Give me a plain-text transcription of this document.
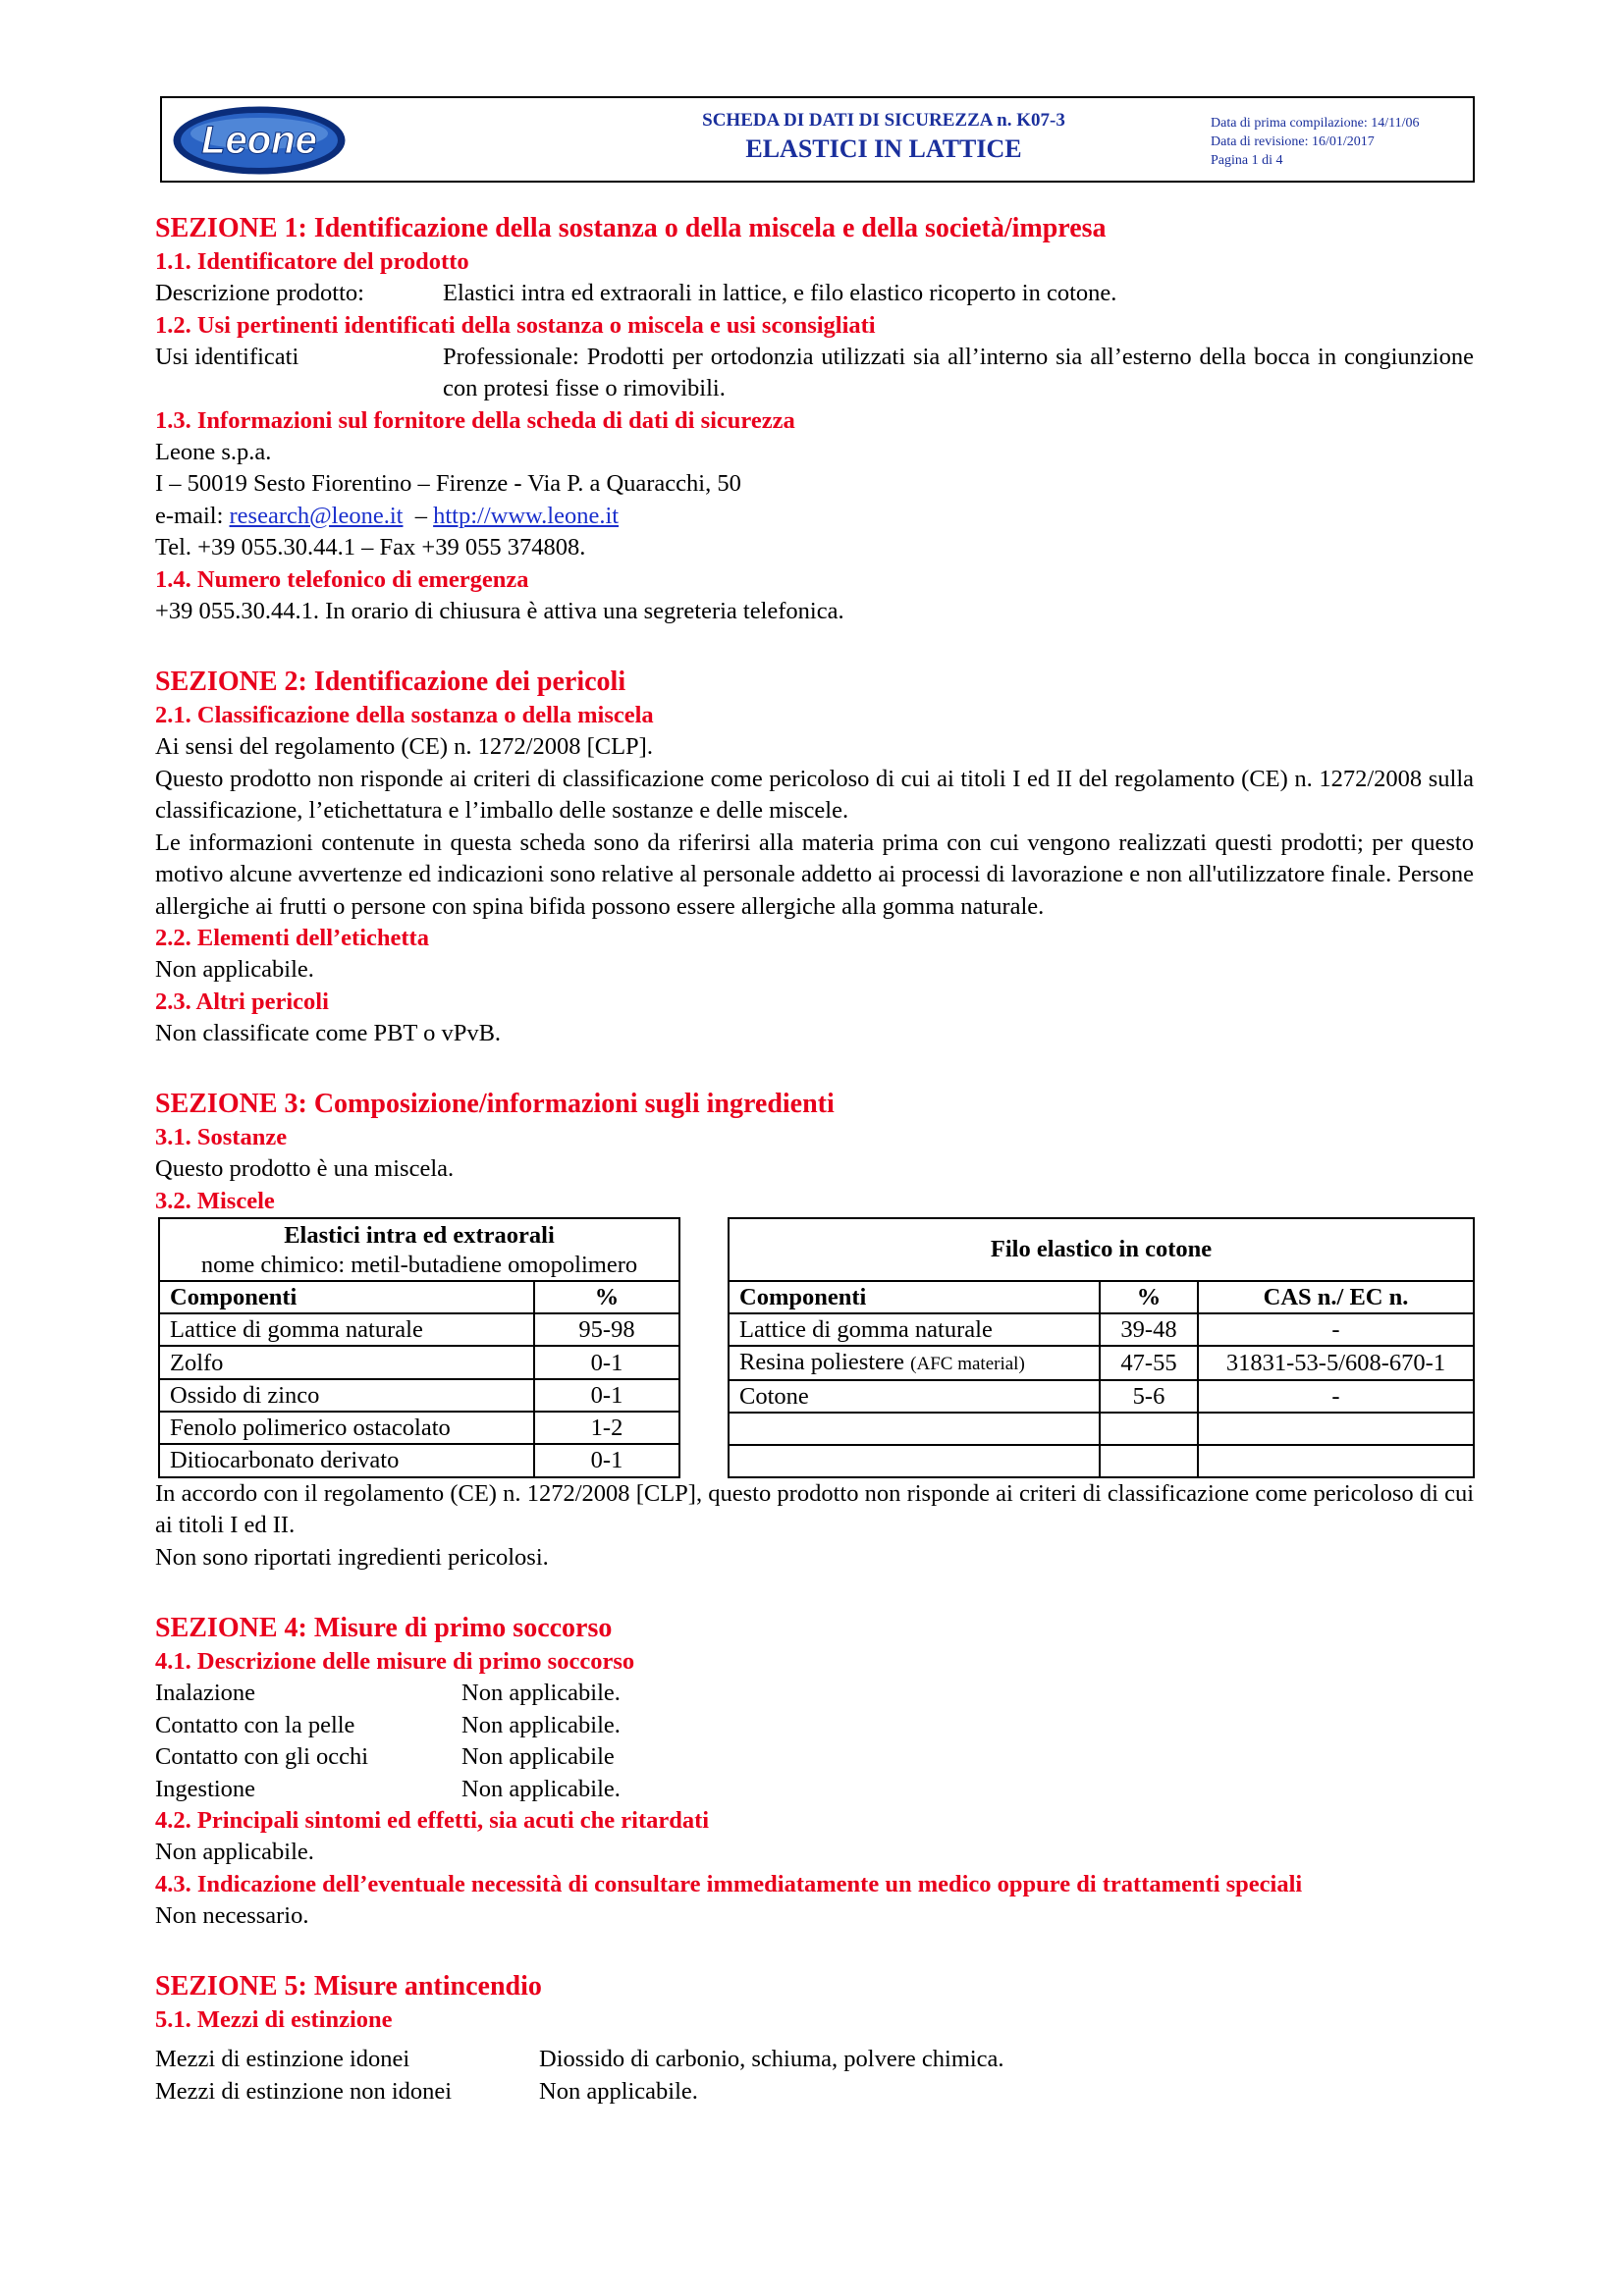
Leone	SCHEDA DI DATI DI SICUREZZA n. K07-3
ELASTICI IN LATTICE
Data di prima compilazione: 14/11/06
Data di revisione: 16/01/2017
Pagina 1 di 4
SEZIONE 1: Identificazione della sostanza o della miscela e della società/impresa

1.1. Identificatore del prodotto

Descrizione prodotto:	Elastici intra ed extraorali in lattice, e filo elastico ricoperto in cotone.

1.2. Usi pertinenti identificati della sostanza o miscela e usi sconsigliati

Usi identificati	Professionale: Prodotti per ortodonzia utilizzati sia all’interno sia all’esterno della bocca in congiunzione con protesi fisse o rimovibili.

1.3. Informazioni sul fornitore della scheda di dati di sicurezza

Leone s.p.a.

I – 50019 Sesto Fiorentino – Firenze - Via P. a Quaracchi, 50

e-mail: research@leone.it – http://www.leone.it

Tel. +39 055.30.44.1 – Fax +39 055 374808.

1.4. Numero telefonico di emergenza

+39 055.30.44.1. In orario di chiusura è attiva una segreteria telefonica.

SEZIONE 2: Identificazione dei pericoli

2.1. Classificazione della sostanza o della miscela

Ai sensi del regolamento (CE) n. 1272/2008 [CLP].

Questo prodotto non risponde ai criteri di classificazione come pericoloso di cui ai titoli I ed II del regolamento (CE) n. 1272/2008 sulla classificazione, l’etichettatura e l’imballo delle sostanze e delle miscele.

Le informazioni contenute in questa scheda sono da riferirsi alla materia prima con cui vengono realizzati questi prodotti; per questo motivo alcune avvertenze ed indicazioni sono relative al personale addetto ai processi di lavorazione e non all'utilizzatore finale. Persone allergiche ai frutti o persone con spina bifida possono essere allergiche alla gomma naturale.

2.2. Elementi dell’etichetta

Non applicabile.

2.3. Altri pericoli

Non classificate come PBT o vPvB.

SEZIONE 3: Composizione/informazioni sugli ingredienti

3.1. Sostanze

Questo prodotto è una miscela.

3.2. Miscele

Elastici intra ed extraorali
nome chimico: metil-butadiene omopolimero	
Componenti	%
Lattice di gomma naturale	95-98
Zolfo	0-1
Ossido di zinco	0-1
Fenolo polimerico ostacolato	1-2
Ditiocarbonato derivato	0-1
Filo elastico in cotone		
Componenti	%	CAS n./ EC n.
Lattice di gomma naturale	39-48	-
Resina poliestere (AFC material)	47-55	31831-53-5/608-670-1
Cotone	5-6	-

In accordo con il regolamento (CE) n. 1272/2008 [CLP], questo prodotto non risponde ai criteri di classificazione come pericoloso di cui ai titoli I ed II.

Non sono riportati ingredienti pericolosi.

SEZIONE 4: Misure di primo soccorso

4.1. Descrizione delle misure di primo soccorso

Inalazione	Non applicabile.
Contatto con la pelle	Non applicabile.
Contatto con gli occhi	Non applicabile
Ingestione	Non applicabile.

4.2. Principali sintomi ed effetti, sia acuti che ritardati

Non applicabile.

4.3. Indicazione dell’eventuale necessità di consultare immediatamente un medico oppure di trattamenti speciali

Non necessario.

SEZIONE 5: Misure antincendio

5.1. Mezzi di estinzione

Mezzi di estinzione idonei	Diossido di carbonio, schiuma, polvere chimica.
Mezzi di estinzione non idonei	Non applicabile.
